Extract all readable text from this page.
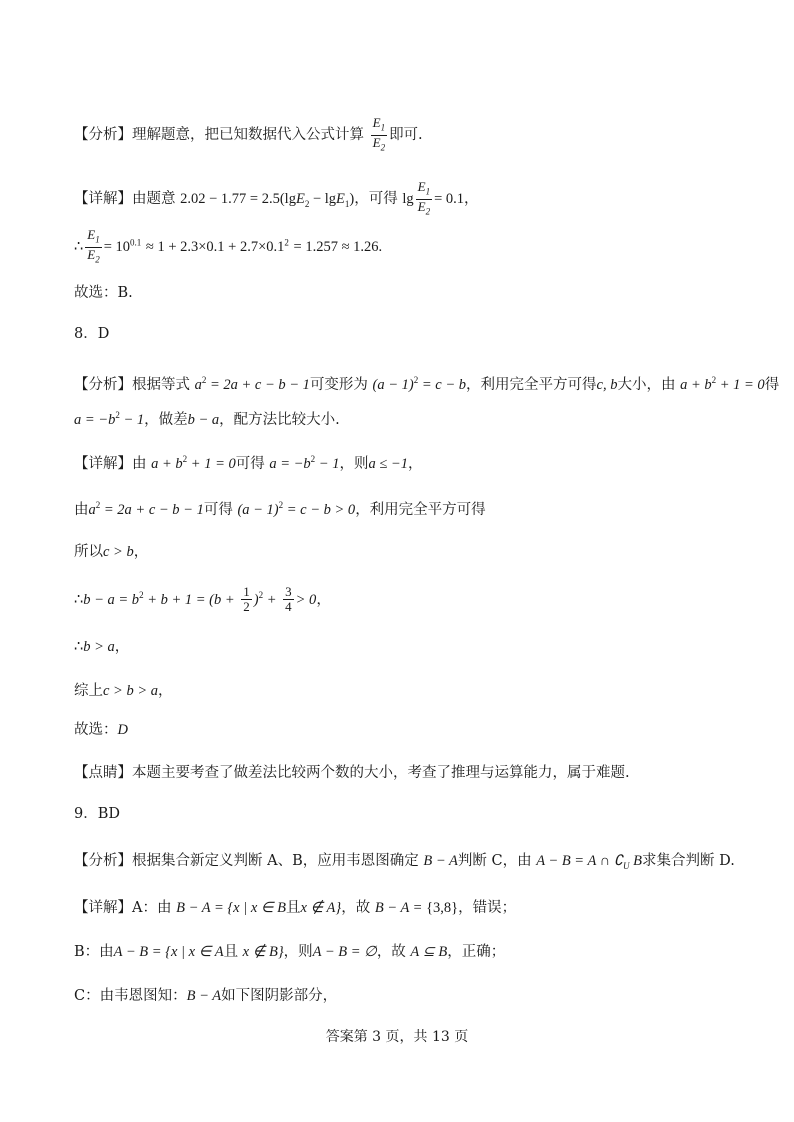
【分析】理解题意，把已知数据代入公式计算 $\frac{E_1}{E_2}$ 即可.
【详解】由题意 2.02 − 1.77 = 2.5(lgE$_2$ − lgE$_1$)，可得 $\lg \frac{E_1}{E_2} = 0.1$，
∴ $\frac{E_1}{E_2} = 10^{0.1} \approx 1 + 2.3\times 0.1 + 2.7\times 0.1^2 = 1.257 \approx 1.26$.
故选：B.
8．D
【分析】根据等式 $a^2 = 2a + c - b - 1$可变形为 $(a - 1)^2 = c - b$，利用完全平方可得c, b大小，由 $a + b^2 + 1 = 0$得
$a = -b^2 - 1$，做差b − a，配方法比较大小.
【详解】由 $a + b^2 + 1 = 0$可得 $a = -b^2 - 1$，则a ≤ −1，
由$a^2 = 2a + c - b - 1$可得 $(a - 1)^2 = c - b > 0$，利用完全平方可得
所以c > b，
∴b − $a = b^2 + b + 1 = (b + \frac{1}{2} )^2 + \frac{3}{4} > 0$，
∴b > a，
综上c > b > a，
故选：D
【点睛】本题主要考查了做差法比较两个数的大小，考查了推理与运算能力，属于难题.
9．BD
【分析】根据集合新定义判断 A、B，应用韦恩图确定 B − A判断 C，由 A − B = A ∩ $∁_U$ B求集合判断 D.
【详解】A：由 B − A = {x | x ∈ B且x ∉ A}，故 B − A = {3,8}，错误；
B：由A − B = {x | x ∈ A且 x ∉ B}，则A − B = ∅，故 A ⊆ B，正确；
C：由韦恩图知：B − A如下图阴影部分，
答案第 3 页，共 13 页
